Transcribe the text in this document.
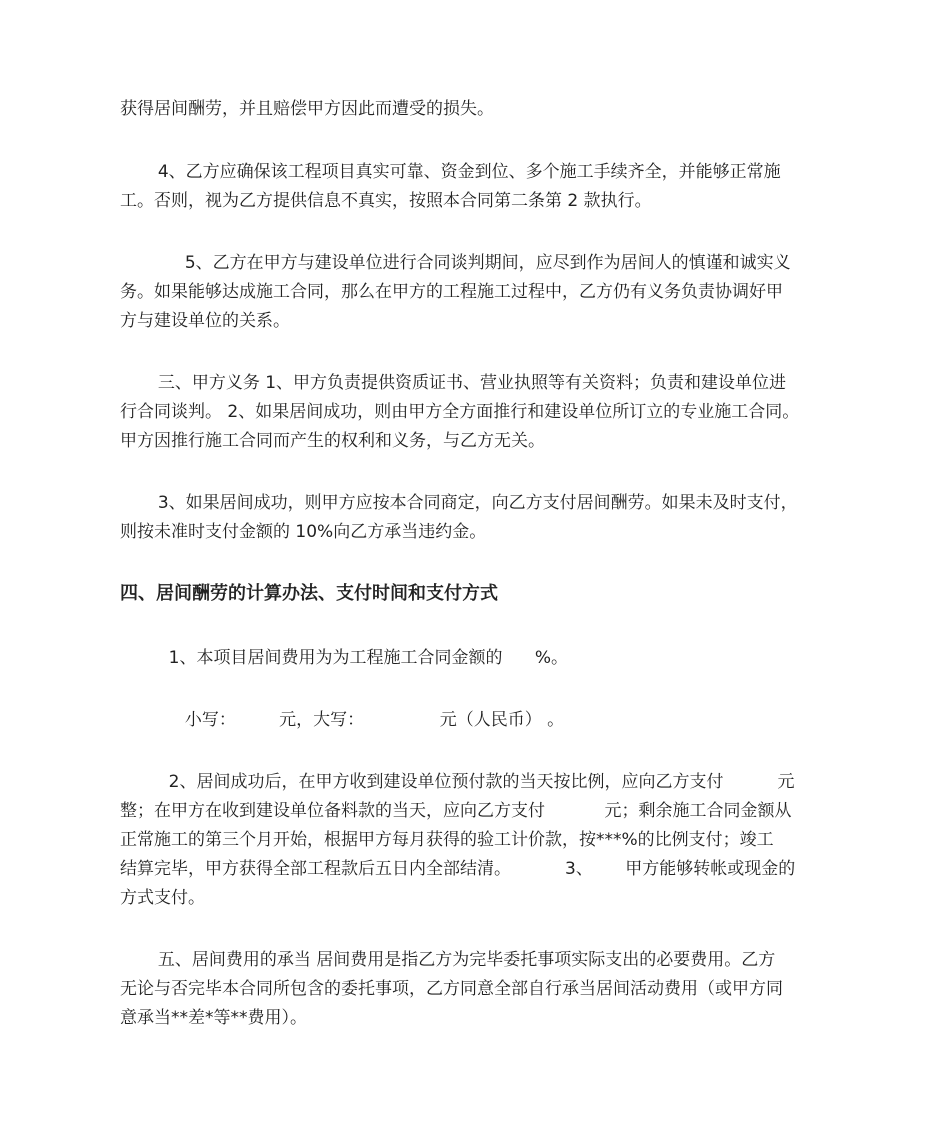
获得居间酬劳，并且赔偿甲方因此而遭受的损失。
4、乙方应确保该工程项目真实可靠、资金到位、多个施工手续齐全，并能够正常施
工。否则，视为乙方提供信息不真实，按照本合同第二条第 2 款执行。
5、乙方在甲方与建设单位进行合同谈判期间，应尽到作为居间人的慎谨和诚实义
务。如果能够达成施工合同，那么在甲方的工程施工过程中，乙方仍有义务负责协调好甲
方与建设单位的关系。
三、甲方义务 1、甲方负责提供资质证书、营业执照等有关资料；负责和建设单位进
行合同谈判。 2、如果居间成功，则由甲方全方面推行和建设单位所订立的专业施工合同。
甲方因推行施工合同而产生的权利和义务，与乙方无关。
3、如果居间成功，则甲方应按本合同商定，向乙方支付居间酬劳。如果未及时支付，
则按未准时支付金额的 10%向乙方承当违约金。
四、居间酬劳的计算办法、支付时间和支付方式
1、本项目居间费用为为工程施工合同金额的      %。
小写：        元，大写：              元（人民币） 。
2、居间成功后，在甲方收到建设单位预付款的当天按比例，应向乙方支付          元
整；在甲方在收到建设单位备料款的当天，应向乙方支付           元；剩余施工合同金额从
正常施工的第三个月开始，根据甲方每月获得的验工计价款，按***%的比例支付；竣工
结算完毕，甲方获得全部工程款后五日内全部结清。          3、      甲方能够转帐或现金的
方式支付。
五、居间费用的承当 居间费用是指乙方为完毕委托事项实际支出的必要费用。乙方
无论与否完毕本合同所包含的委托事项，乙方同意全部自行承当居间活动费用（或甲方同
意承当**差*等**费用）。
